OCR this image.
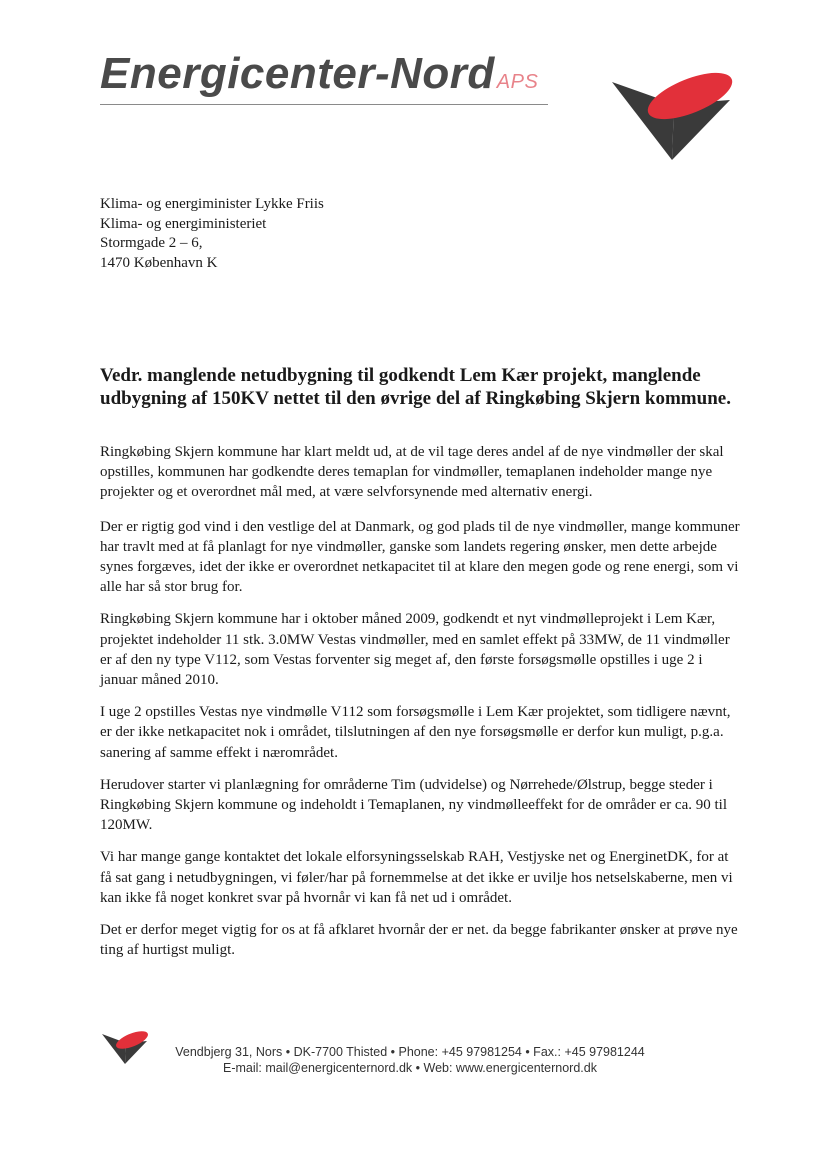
Energicenter-Nord APS
Klima- og energiminister Lykke Friis
Klima- og energiministeriet
Stormgade 2 – 6,
1470 København K
Vedr. manglende netudbygning til godkendt Lem Kær projekt, manglende udbygning af 150KV nettet til den øvrige del af Ringkøbing Skjern kommune.

Ringkøbing Skjern kommune har klart meldt ud, at de vil tage deres andel af de nye vindmøller der skal opstilles, kommunen har godkendte deres temaplan for vindmøller, temaplanen indeholder mange nye projekter og et overordnet mål med, at være selvforsynende med alternativ energi.

Der er rigtig god vind i den vestlige del at Danmark, og god plads til de nye vindmøller, mange kommuner har travlt med at få planlagt for nye vindmøller, ganske som landets regering ønsker, men dette arbejde synes forgæves, idet der ikke er overordnet netkapacitet til at klare den megen gode og rene energi, som vi alle har så stor brug for.

Ringkøbing Skjern kommune har i oktober måned 2009, godkendt et nyt vindmølleprojekt i Lem Kær, projektet indeholder 11 stk. 3.0MW Vestas vindmøller, med en samlet effekt på 33MW, de 11 vindmøller er af den ny type V112, som Vestas forventer sig meget af, den første forsøgsmølle opstilles i uge 2 i januar måned 2010.

I uge 2 opstilles Vestas nye vindmølle V112 som forsøgsmølle i Lem Kær projektet, som tidligere nævnt, er der ikke netkapacitet nok i området, tilslutningen af den nye forsøgsmølle er derfor kun muligt, p.g.a. sanering af samme effekt i nærområdet.

Herudover starter vi planlægning for områderne Tim (udvidelse) og Nørrehede/Ølstrup, begge steder i Ringkøbing Skjern kommune og indeholdt i Temaplanen, ny vindmølleeffekt for de områder er ca. 90 til 120MW.

Vi har mange gange kontaktet det lokale elforsyningsselskab RAH, Vestjyske net og EnerginetDK, for at få sat gang i netudbygningen, vi føler/har på fornemmelse at det ikke er uvilje hos netselskaberne, men vi kan ikke få noget konkret svar på hvornår vi kan få net ud i området.

Det er derfor meget vigtig for os at få afklaret hvornår der er net. da begge fabrikanter ønsker at prøve nye ting af hurtigst muligt.

Vendbjerg 31, Nors • DK-7700 Thisted • Phone: +45 97981254 • Fax.: +45 97981244
E-mail: mail@energicenternord.dk • Web: www.energicenternord.dk
